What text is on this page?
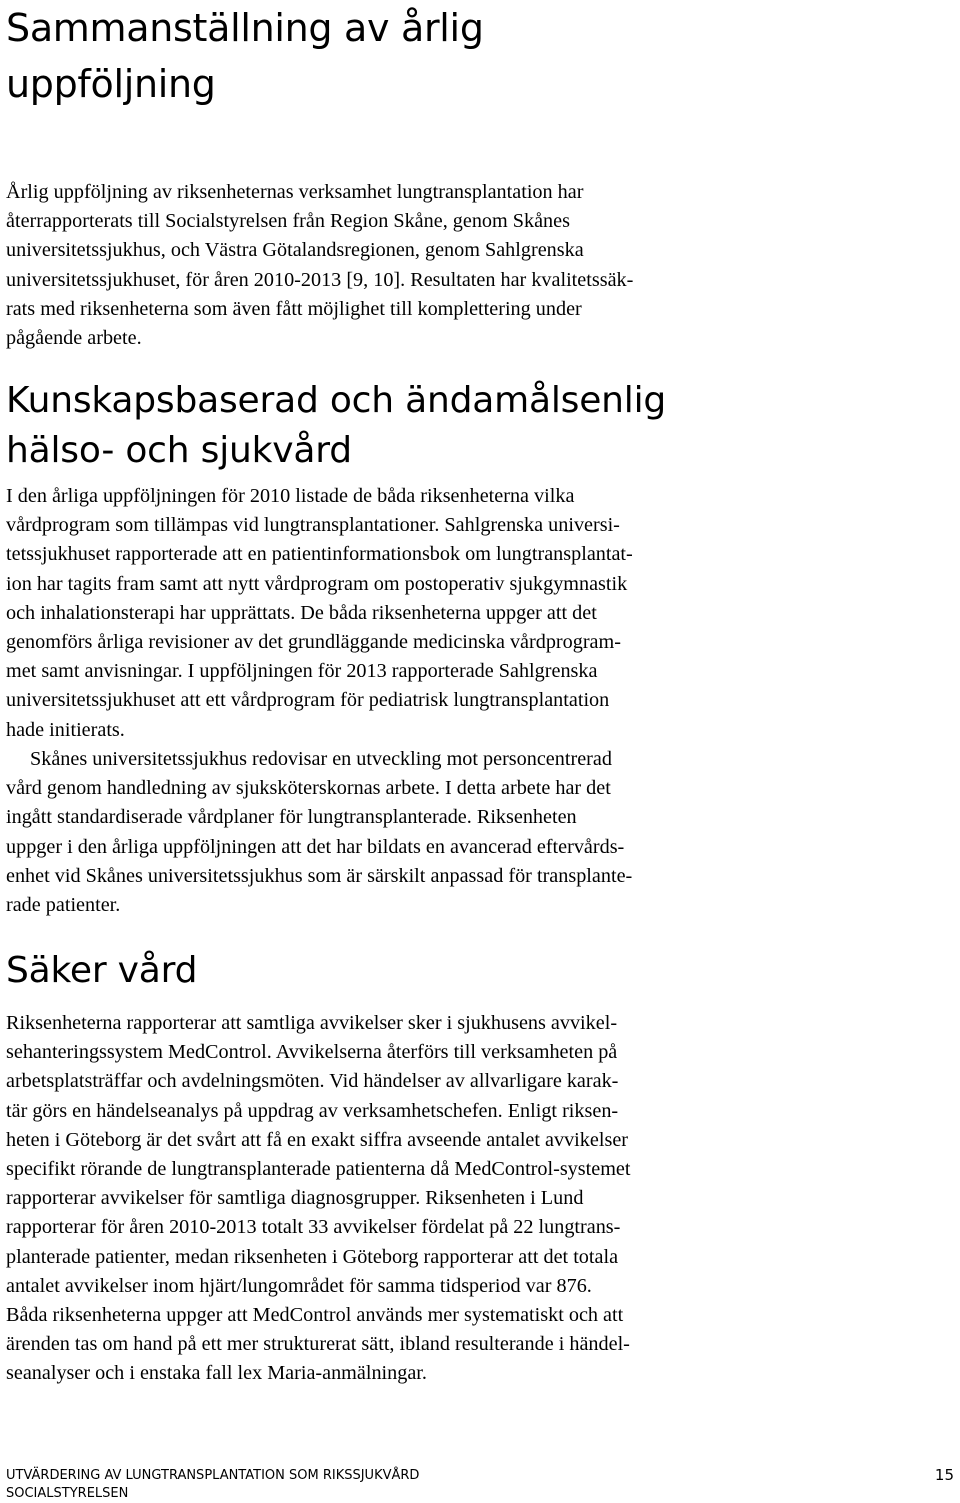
Sammanställning av årlig
uppföljning
Årlig uppföljning av riksenheternas verksamhet lungtransplantation har
återrapporterats till Socialstyrelsen från Region Skåne, genom Skånes
universitetssjukhus, och Västra Götalandsregionen, genom Sahlgrenska
universitetssjukhuset, för åren 2010-2013 [9, 10]. Resultaten har kvalitetssäk-
rats med riksenheterna som även fått möjlighet till komplettering under
pågående arbete.
Kunskapsbaserad och ändamålsenlig
hälso- och sjukvård
I den årliga uppföljningen för 2010 listade de båda riksenheterna vilka
vårdprogram som tillämpas vid lungtransplantationer. Sahlgrenska universi-
tetssjukhuset rapporterade att en patientinformationsbok om lungtransplantat-
ion har tagits fram samt att nytt vårdprogram om postoperativ sjukgymnastik
och inhalationsterapi har upprättats. De båda riksenheterna uppger att det
genomförs årliga revisioner av det grundläggande medicinska vårdprogram-
met samt anvisningar. I uppföljningen för 2013 rapporterade Sahlgrenska
universitetssjukhuset att ett vårdprogram för pediatrisk lungtransplantation
hade initierats.
Skånes universitetssjukhus redovisar en utveckling mot personcentrerad
vård genom handledning av sjuksköterskornas arbete. I detta arbete har det
ingått standardiserade vårdplaner för lungtransplanterade. Riksenheten
uppger i den årliga uppföljningen att det har bildats en avancerad eftervårds-
enhet vid Skånes universitetssjukhus som är särskilt anpassad för transplante-
rade patienter.
Säker vård
Riksenheterna rapporterar att samtliga avvikelser sker i sjukhusens avvikel-
sehanteringssystem MedControl. Avvikelserna återförs till verksamheten på
arbetsplatsträffar och avdelningsmöten. Vid händelser av allvarligare karak-
tär görs en händelseanalys på uppdrag av verksamhetschefen. Enligt riksen-
heten i Göteborg är det svårt att få en exakt siffra avseende antalet avvikelser
specifikt rörande de lungtransplanterade patienterna då MedControl-systemet
rapporterar avvikelser för samtliga diagnosgrupper. Riksenheten i Lund
rapporterar för åren 2010-2013 totalt 33 avvikelser fördelat på 22 lungtrans-
planterade patienter, medan riksenheten i Göteborg rapporterar att det totala
antalet avvikelser inom hjärt/lungområdet för samma tidsperiod var 876.
Båda riksenheterna uppger att MedControl används mer systematiskt och att
ärenden tas om hand på ett mer strukturerat sätt, ibland resulterande i händel-
seanalyser och i enstaka fall lex Maria-anmälningar.
UTVÄRDERING AV LUNGTRANSPLANTATION SOM RIKSSJUKVÅRD
SOCIALSTYRELSEN
15
